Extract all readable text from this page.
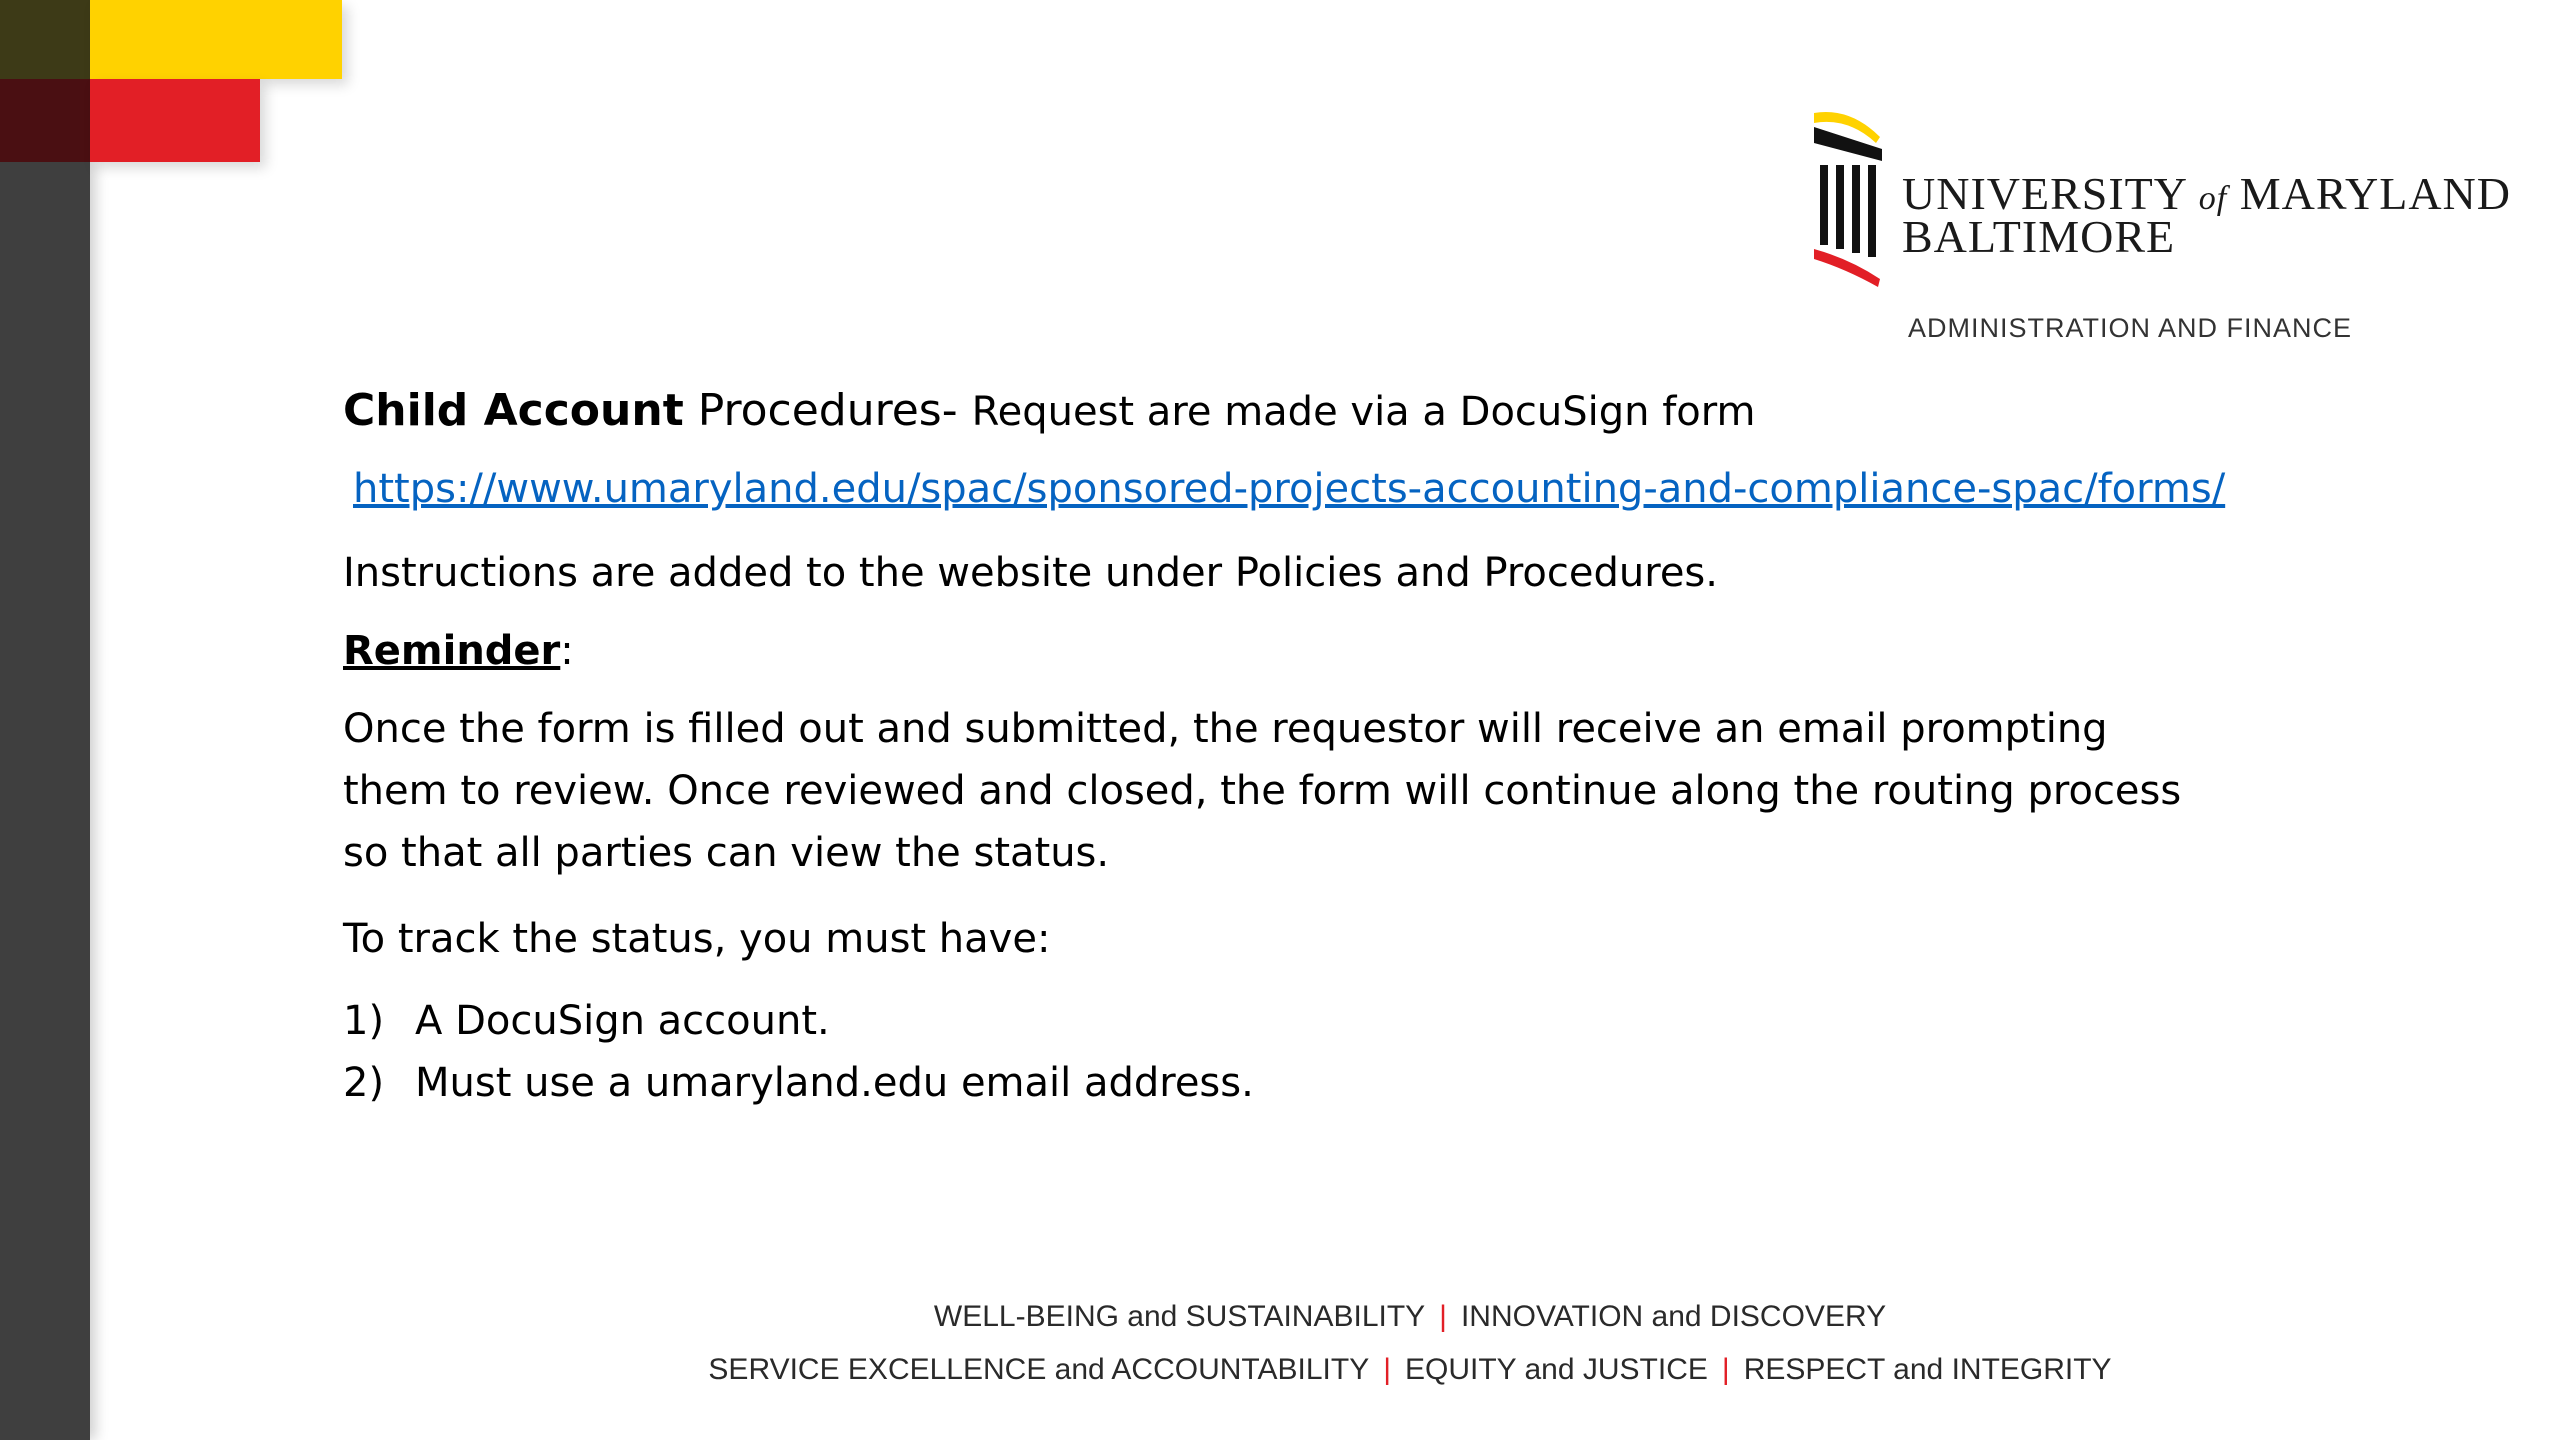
UNIVERSITY of MARYLAND
BALTIMORE
ADMINISTRATION AND FINANCE
Child Account Procedures- Request are made via a DocuSign form
https://www.umaryland.edu/spac/sponsored-projects-accounting-and-compliance-spac/forms/
Instructions are added to the website under Policies and Procedures.
Reminder:
Once the form is filled out and submitted, the requestor will receive an email prompting them to review. Once reviewed and closed, the form will continue along the routing process so that all parties can view the status.
To track the status, you must have:
1) A DocuSign account.
2) Must use a umaryland.edu email address.
WELL-BEING and SUSTAINABILITY | INNOVATION and DISCOVERY
SERVICE EXCELLENCE and ACCOUNTABILITY | EQUITY and JUSTICE | RESPECT and INTEGRITY
